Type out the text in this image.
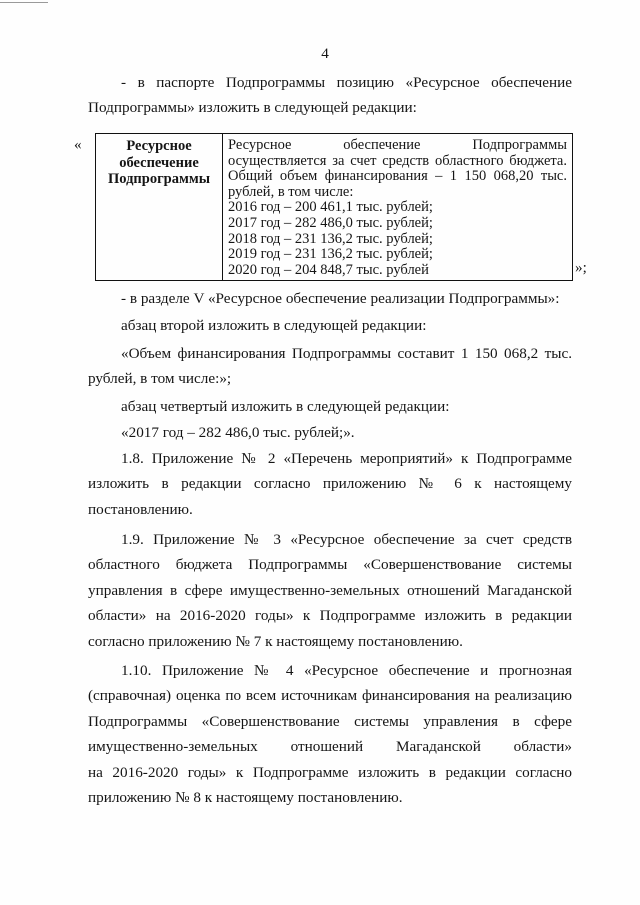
4
- в паспорте Подпрограммы позицию «Ресурсное обеспечение
Подпрограммы» изложить в следующей редакции:
«	Ресурсное обеспечение Подпрограммы
Ресурсное обеспечение Подпрограммы
осуществляется за счет средств областного бюджета.
Общий объем финансирования – 1 150 068,20 тыс.
рублей, в том числе:
2016 год – 200 461,1 тыс. рублей;
2017 год – 282 486,0 тыс. рублей;
2018 год – 231 136,2 тыс. рублей;
2019 год – 231 136,2 тыс. рублей;
2020 год – 204 848,7 тыс. рублей	»;
- в разделе V «Ресурсное обеспечение реализации Подпрограммы»:
абзац второй изложить в следующей редакции:
«Объем финансирования Подпрограммы составит 1 150 068,2 тыс.
рублей, в том числе:»;
абзац четвертый изложить в следующей редакции:
«2017 год – 282 486,0 тыс. рублей;».
1.8. Приложение № 2 «Перечень мероприятий» к Подпрограмме
изложить в редакции согласно приложению № 6 к настоящему
постановлению.
1.9. Приложение № 3 «Ресурсное обеспечение за счет средств
областного бюджета Подпрограммы «Совершенствование системы
управления в сфере имущественно-земельных отношений Магаданской
области» на 2016-2020 годы» к Подпрограмме изложить в редакции
согласно приложению № 7 к настоящему постановлению.
1.10. Приложение № 4 «Ресурсное обеспечение и прогнозная
(справочная) оценка по всем источникам финансирования на реализацию
Подпрограммы «Совершенствование системы управления в сфере
имущественно-земельных отношений Магаданской области»
на 2016-2020 годы» к Подпрограмме изложить в редакции согласно
приложению № 8 к настоящему постановлению.
